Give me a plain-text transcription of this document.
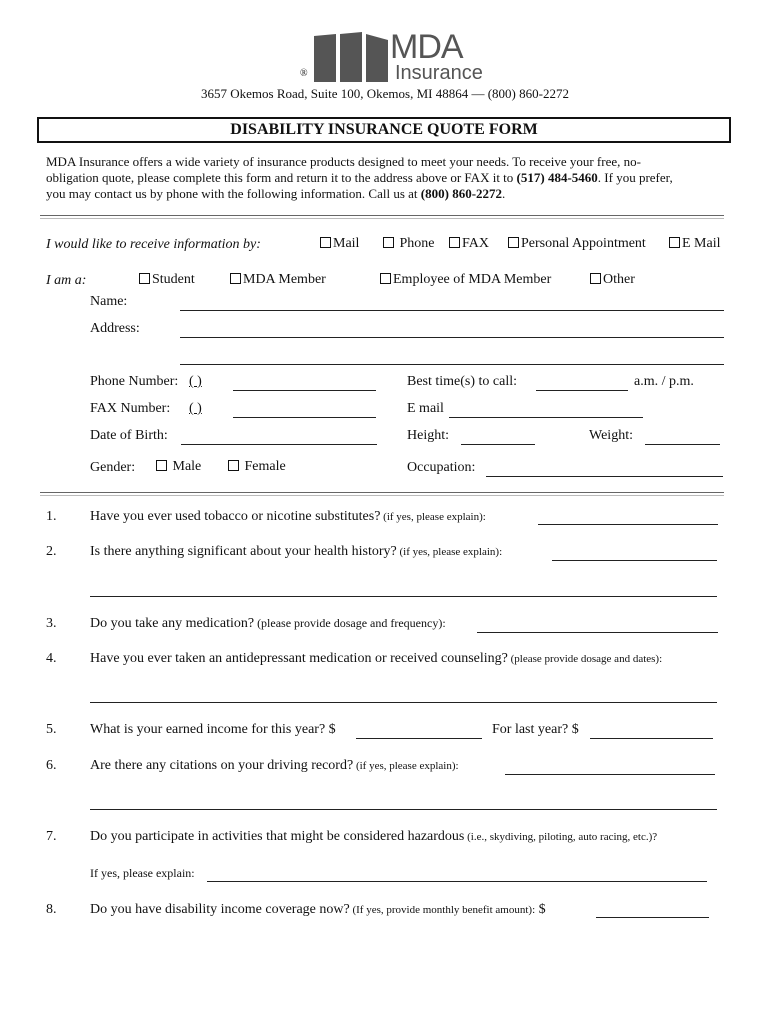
®
MDA
Insurance
3657 Okemos Road, Suite 100, Okemos, MI 48864 — (800) 860-2272
DISABILITY INSURANCE QUOTE FORM
MDA Insurance offers a wide variety of insurance products designed to meet your needs. To receive your free, no-
obligation quote, please complete this form and return it to the address above or FAX it to (517) 484-5460. If you prefer,
you may contact us by phone with the following information. Call us at (800) 860-2272.
I would like to receive information by:	Mail	Phone	FAX	Personal Appointment	E Mail
I am a:	Student	MDA Member	Employee of MDA Member	Other
Name:
Address:
Phone Number: ( )	Best time(s) to call:	a.m. / p.m.
FAX Number: ( )	E mail
Date of Birth:	Height:	Weight:
Gender:	Male	Female	Occupation:
1. Have you ever used tobacco or nicotine substitutes? (if yes, please explain):
2. Is there anything significant about your health history? (if yes, please explain):
3. Do you take any medication? (please provide dosage and frequency):
4. Have you ever taken an antidepressant medication or received counseling? (please provide dosage and dates):
5. What is your earned income for this year? $	For last year? $
6. Are there any citations on your driving record? (if yes, please explain):
7. Do you participate in activities that might be considered hazardous (i.e., skydiving, piloting, auto racing, etc.)?
If yes, please explain:
8. Do you have disability income coverage now? (If yes, provide monthly benefit amount): $
